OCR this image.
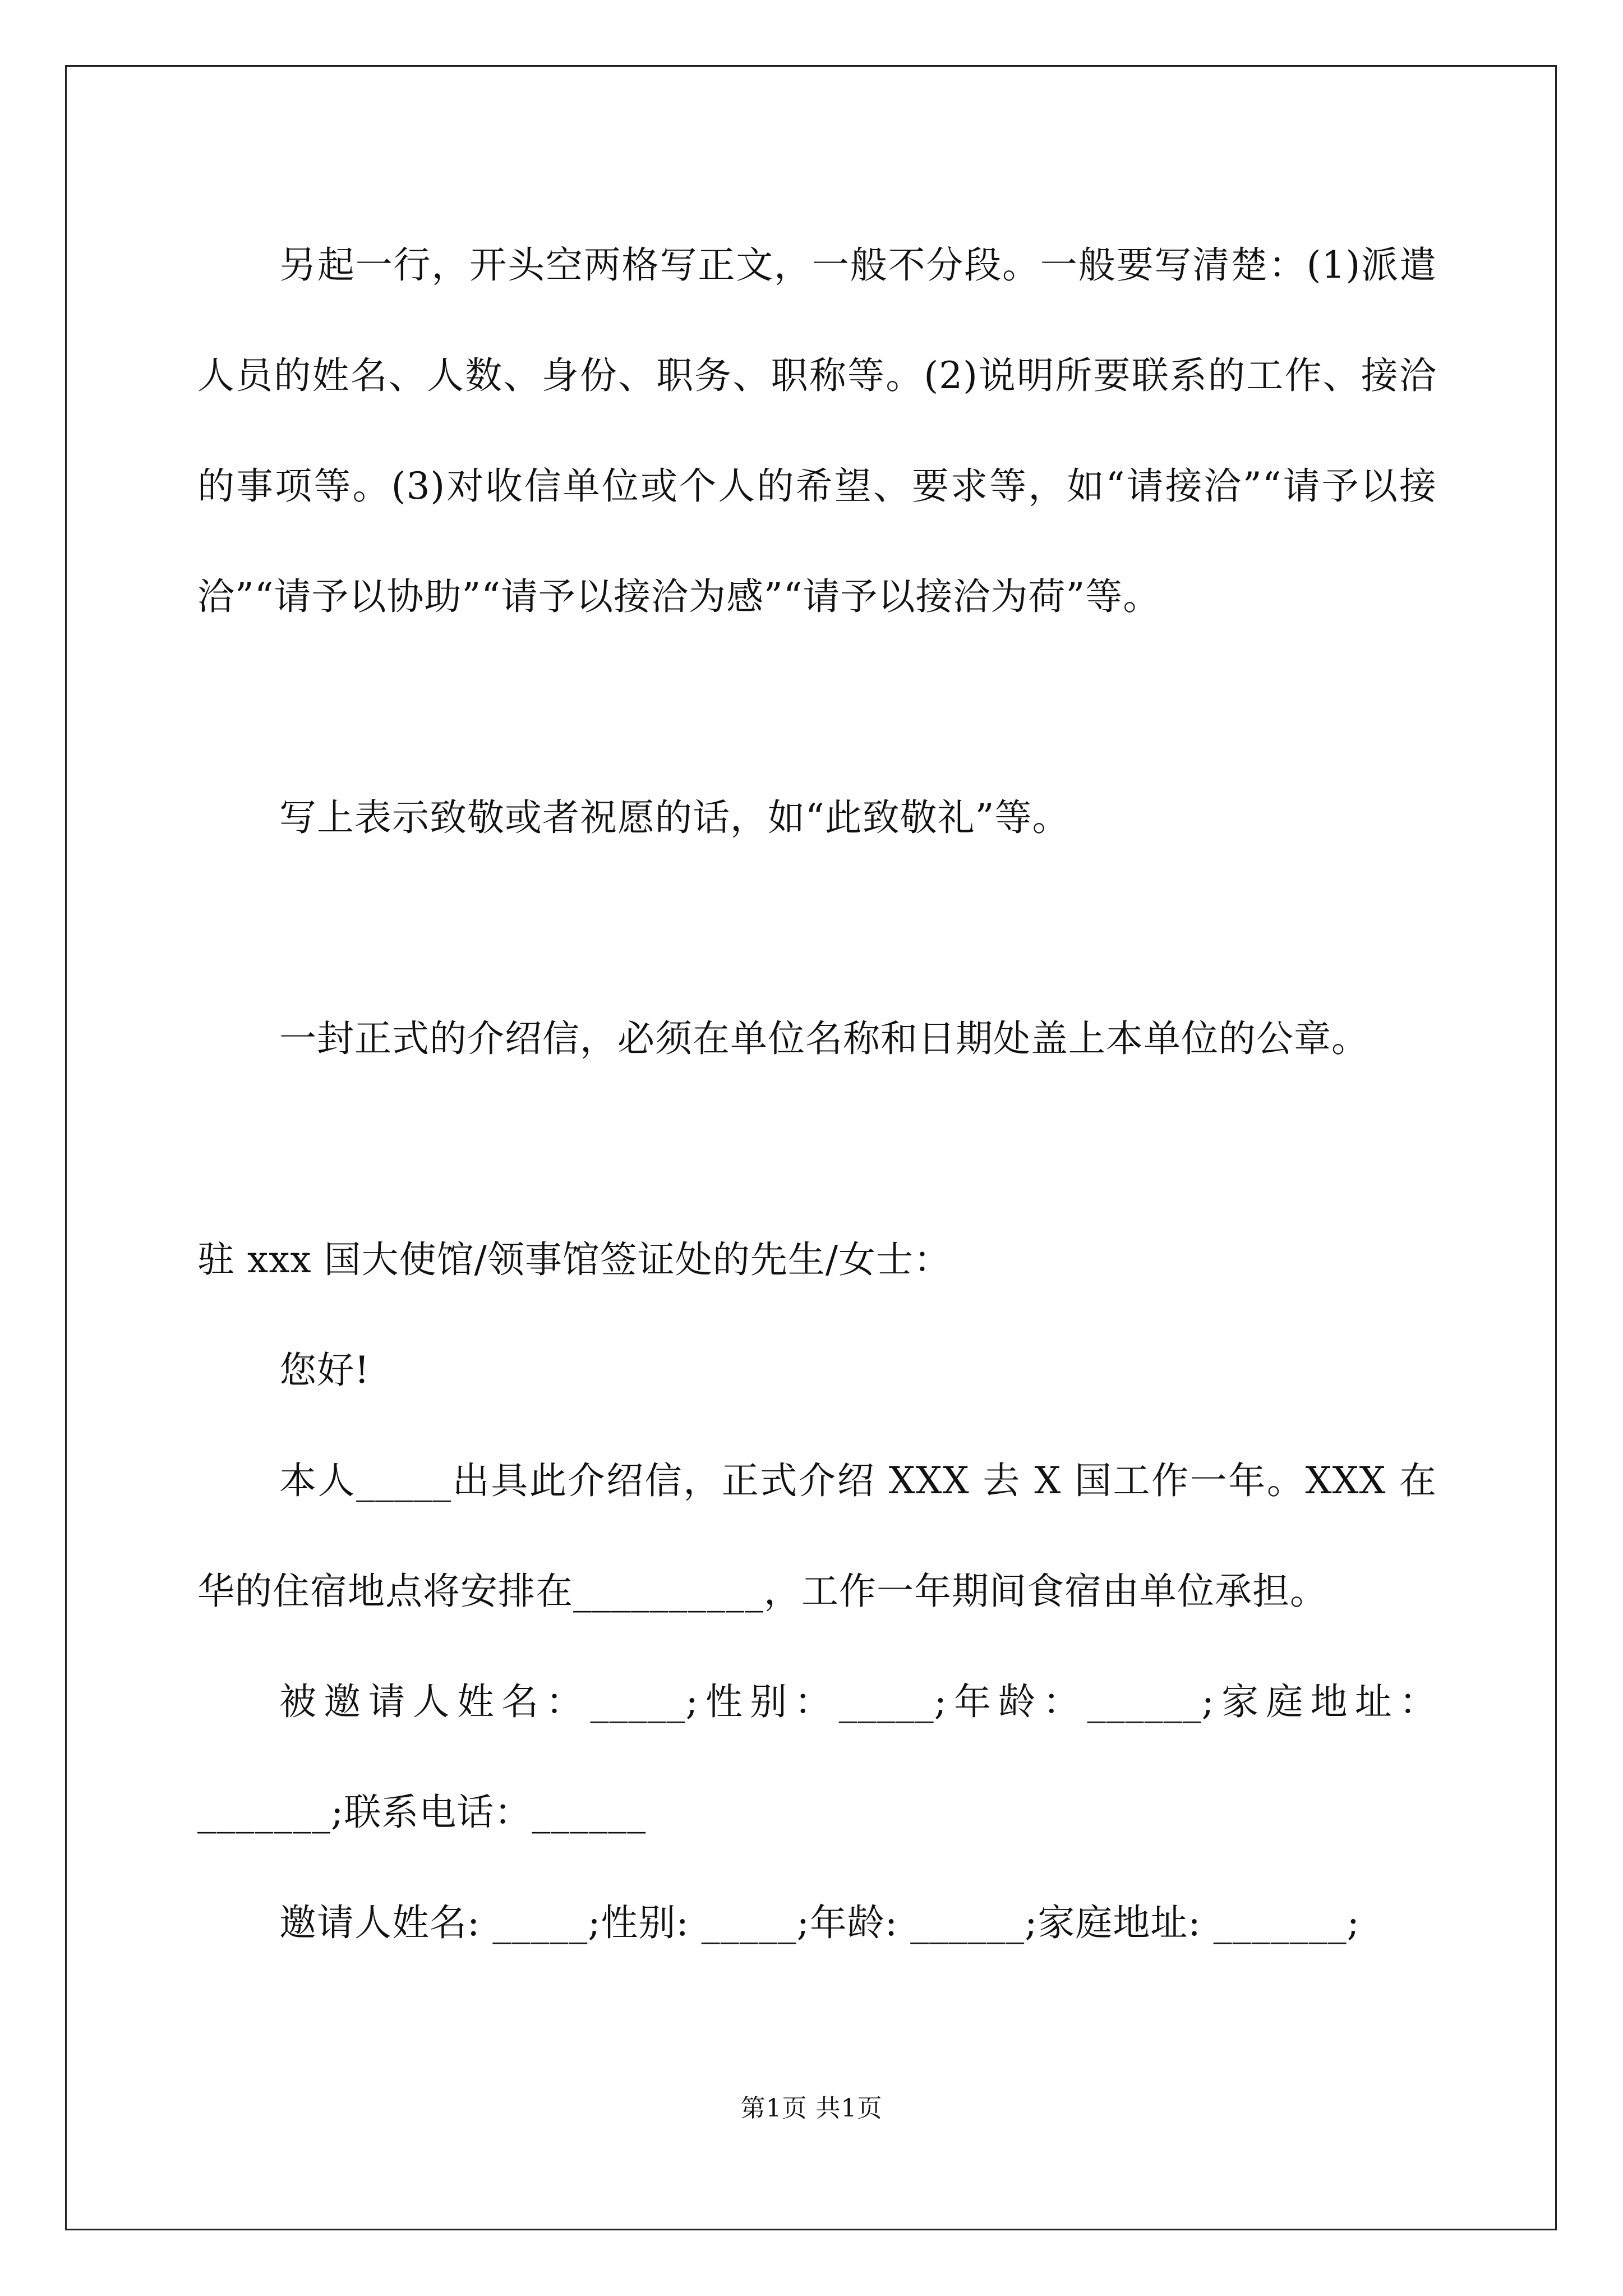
另起一行，开头空两格写正文，一般不分段。一般要写清楚：(1)派遣人员的姓名、人数、身份、职务、职称等。(2)说明所要联系的工作、接洽的事项等。(3)对收信单位或个人的希望、要求等，如“请接洽”“请予以接洽”“请予以协助”“请予以接洽为感”“请予以接洽为荷”等。

写上表示致敬或者祝愿的话，如“此致敬礼”等。

一封正式的介绍信，必须在单位名称和日期处盖上本单位的公章。

驻 xxx 国大使馆/领事馆签证处的先生/女士：

您好!

本人_____出具此介绍信，正式介绍 XXX 去 X 国工作一年。XXX 在华的住宿地点将安排在__________，工作一年期间食宿由单位承担。

被邀请人姓名：_____;性别：_____;年龄：______;家庭地址：_______;联系电话：______

邀请人姓名: _____;性别: _____;年龄: ______;家庭地址: _______;

第1页 共1页
